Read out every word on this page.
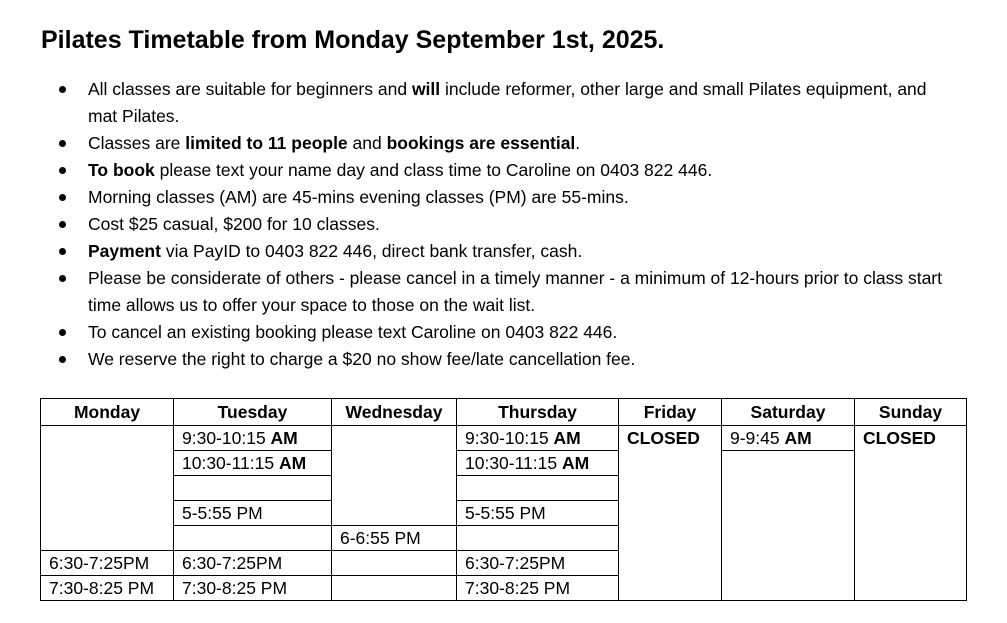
Pilates Timetable from Monday September 1st, 2025.
All classes are suitable for beginners and will include reformer, other large and small Pilates equipment, and mat Pilates.
Classes are limited to 11 people and bookings are essential.
To book please text your name day and class time to Caroline on 0403 822 446.
Morning classes (AM) are 45-mins evening classes (PM) are 55-mins.
Cost $25 casual, $200 for 10 classes.
Payment via PayID to 0403 822 446, direct bank transfer, cash.
Please be considerate of others - please cancel in a timely manner - a minimum of 12-hours prior to class start time allows us to offer your space to those on the wait list.
To cancel an existing booking please text Caroline on 0403 822 446.
We reserve the right to charge a $20 no show fee/late cancellation fee.
Monday	Tuesday	Wednesday	Thursday	Friday	Saturday	Sunday
	9:30-10:15 AM		9:30-10:15 AM	CLOSED	9-9:45 AM	CLOSED
	10:30-11:15 AM		10:30-11:15 AM			

	5-5:55 PM		5-5:55 PM			
		6-6:55 PM				
6:30-7:25PM	6:30-7:25PM		6:30-7:25PM			
7:30-8:25 PM	7:30-8:25 PM		7:30-8:25 PM			
